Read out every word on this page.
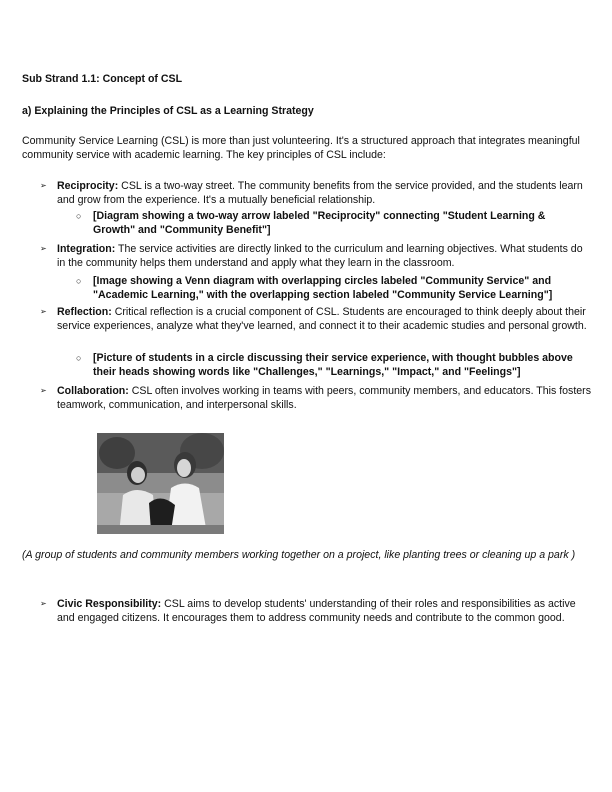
Sub Strand 1.1: Concept of CSL
a) Explaining the Principles of CSL as a Learning Strategy
Community Service Learning (CSL) is more than just volunteering. It's a structured approach that integrates meaningful community service with academic learning. The key principles of CSL include:
➢ Reciprocity: CSL is a two-way street. The community benefits from the service provided, and the students learn and grow from the experience. It's a mutually beneficial relationship.
○ [Diagram showing a two-way arrow labeled "Reciprocity" connecting "Student Learning & Growth" and "Community Benefit"]
➢ Integration: The service activities are directly linked to the curriculum and learning objectives. What students do in the community helps them understand and apply what they learn in the classroom.
○ [Image showing a Venn diagram with overlapping circles labeled "Community Service" and "Academic Learning," with the overlapping section labeled "Community Service Learning"]
➢ Reflection: Critical reflection is a crucial component of CSL. Students are encouraged to think deeply about their service experiences, analyze what they've learned, and connect it to their academic studies and personal growth.
○ [Picture of students in a circle discussing their service experience, with thought bubbles above their heads showing words like "Challenges," "Learnings," "Impact," and "Feelings"]
➢ Collaboration: CSL often involves working in teams with peers, community members, and educators. This fosters teamwork, communication, and interpersonal skills.
(A group of students and community members working together on a project, like planting trees or cleaning up a park )
➢ Civic Responsibility: CSL aims to develop students' understanding of their roles and responsibilities as active and engaged citizens. It encourages them to address community needs and contribute to the common good.
